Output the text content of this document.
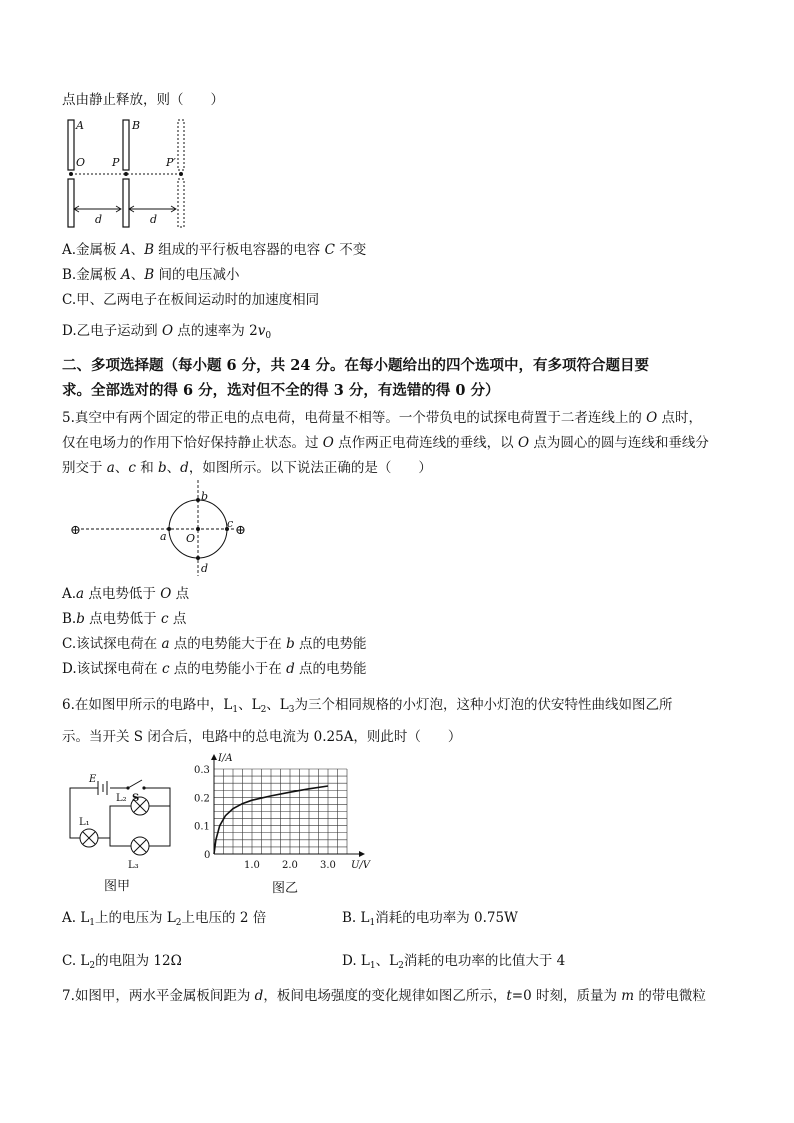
点由静止释放，则（　　）
A	B
O P	P′
d	d
A.金属板 A、B 组成的平行板电容器的电容 C 不变
B.金属板 A、B 间的电压减小
C.甲、乙两电子在板间运动时的加速度相同
D.乙电子运动到 O 点的速率为 $2v_0$
二、多项选择题（每小题 6 分，共 24 分。在每小题给出的四个选项中，有多项符合题目要
求。全部选对的得 6 分，选对但不全的得 3 分，有选错的得 0 分）
5.真空中有两个固定的带正电的点电荷，电荷量不相等。一个带负电的试探电荷置于二者连线上的 O 点时，
仅在电场力的作用下恰好保持静止状态。过 O 点作两正电荷连线的垂线，以 O 点为圆心的圆与连线和垂线分
别交于 a、c 和 b、d，如图所示。以下说法正确的是（　　）
⊕	⊕
a
b
c
d
O
A.a 点电势低于 O 点
B.b 点电势低于 c 点
C.该试探电荷在 a 点的电势能大于在 b 点的电势能
D.该试探电荷在 c 点的电势能小于在 d 点的电势能
6.在如图甲所示的电路中，$L_1$、$L_2$、$L_3$为三个相同规格的小灯泡，这种小灯泡的伏安特性曲线如图乙所
示。当开关 S 闭合后，电路中的总电流为 0.25A，则此时（　　）
E
S
L₁
L₂
L₃
图甲
1.0 2.0 3.0
0.1
0.2
0.3
0
U/V
I/A
图乙
A. $L_1$上的电压为 $L_2$上电压的 2 倍	B. $L_1$消耗的电功率为 0.75W
C. $L_2$的电阻为 12Ω	D. $L_1$、$L_2$消耗的电功率的比值大于 4
7.如图甲，两水平金属板间距为 d，板间电场强度的变化规律如图乙所示，t=0 时刻，质量为 m 的带电微粒
